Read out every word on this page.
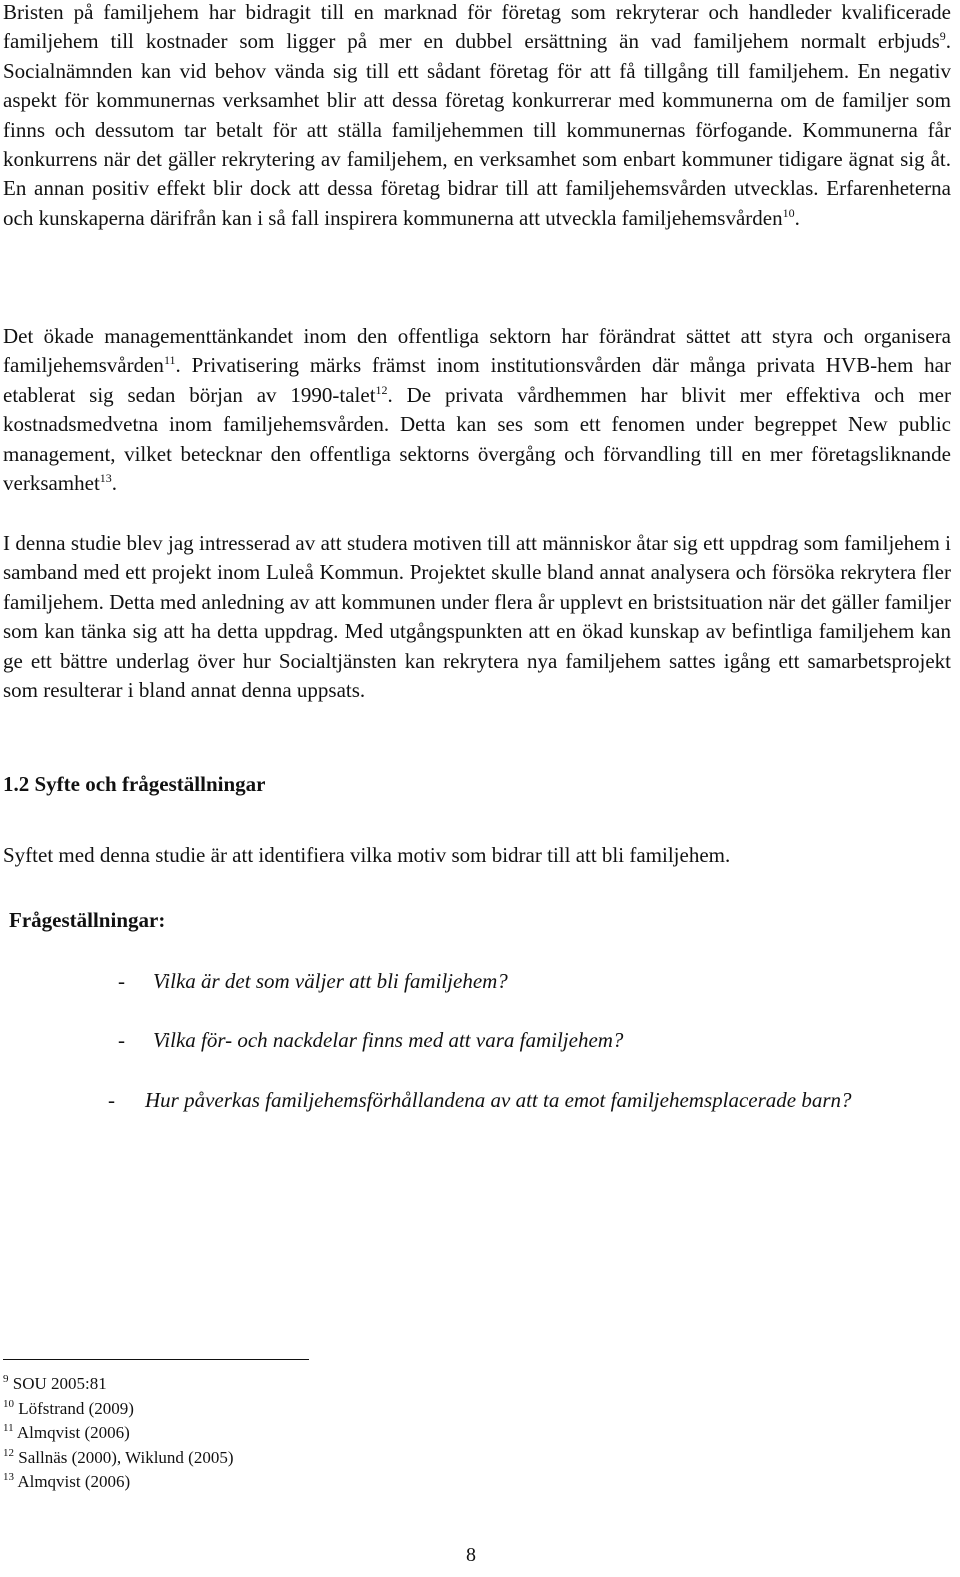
Bristen på familjehem har bidragit till en marknad för företag som rekryterar och handleder kvalificerade familjehem till kostnader som ligger på mer en dubbel ersättning än vad familjehem normalt erbjuds$^9$. Socialnämnden kan vid behov vända sig till ett sådant företag för att få tillgång till familjehem. En negativ aspekt för kommunernas verksamhet blir att dessa företag konkurrerar med kommunerna om de familjer som finns och dessutom tar betalt för att ställa familjehemmen till kommunernas förfogande. Kommunerna får konkurrens när det gäller rekrytering av familjehem, en verksamhet som enbart kommuner tidigare ägnat sig åt. En annan positiv effekt blir dock att dessa företag bidrar till att familjehemsvården utvecklas. Erfarenheterna och kunskaperna därifrån kan i så fall inspirera kommunerna att utveckla familjehemsvården$^{10}$.

Det ökade managementtänkandet inom den offentliga sektorn har förändrat sättet att styra och organisera familjehemsvården$^{11}$. Privatisering märks främst inom institutionsvården där många privata HVB-hem har etablerat sig sedan början av 1990-talet$^{12}$. De privata vårdhemmen har blivit mer effektiva och mer kostnadsmedvetna inom familjehemsvården. Detta kan ses som ett fenomen under begreppet New public management, vilket betecknar den offentliga sektorns övergång och förvandling till en mer företagsliknande verksamhet$^{13}$.

I denna studie blev jag intresserad av att studera motiven till att människor åtar sig ett uppdrag som familjehem i samband med ett projekt inom Luleå Kommun. Projektet skulle bland annat analysera och försöka rekrytera fler familjehem. Detta med anledning av att kommunen under flera år upplevt en bristsituation när det gäller familjer som kan tänka sig att ha detta uppdrag. Med utgångspunkten att en ökad kunskap av befintliga familjehem kan ge ett bättre underlag över hur Socialtjänsten kan rekrytera nya familjehem sattes igång ett samarbetsprojekt som resulterar i bland annat denna uppsats.

1.2 Syfte och frågeställningar

Syftet med denna studie är att identifiera vilka motiv som bidrar till att bli familjehem.

Frågeställningar:
- Vilka är det som väljer att bli familjehem?
- Vilka för- och nackdelar finns med att vara familjehem?
- Hur påverkas familjehemsförhållandena av att ta emot familjehemsplacerade barn?
$^9$ SOU 2005:81
$^{10}$ Löfstrand (2009)
$^{11}$ Almqvist (2006)
$^{12}$ Sallnäs (2000), Wiklund (2005)
$^{13}$ Almqvist (2006)
8
